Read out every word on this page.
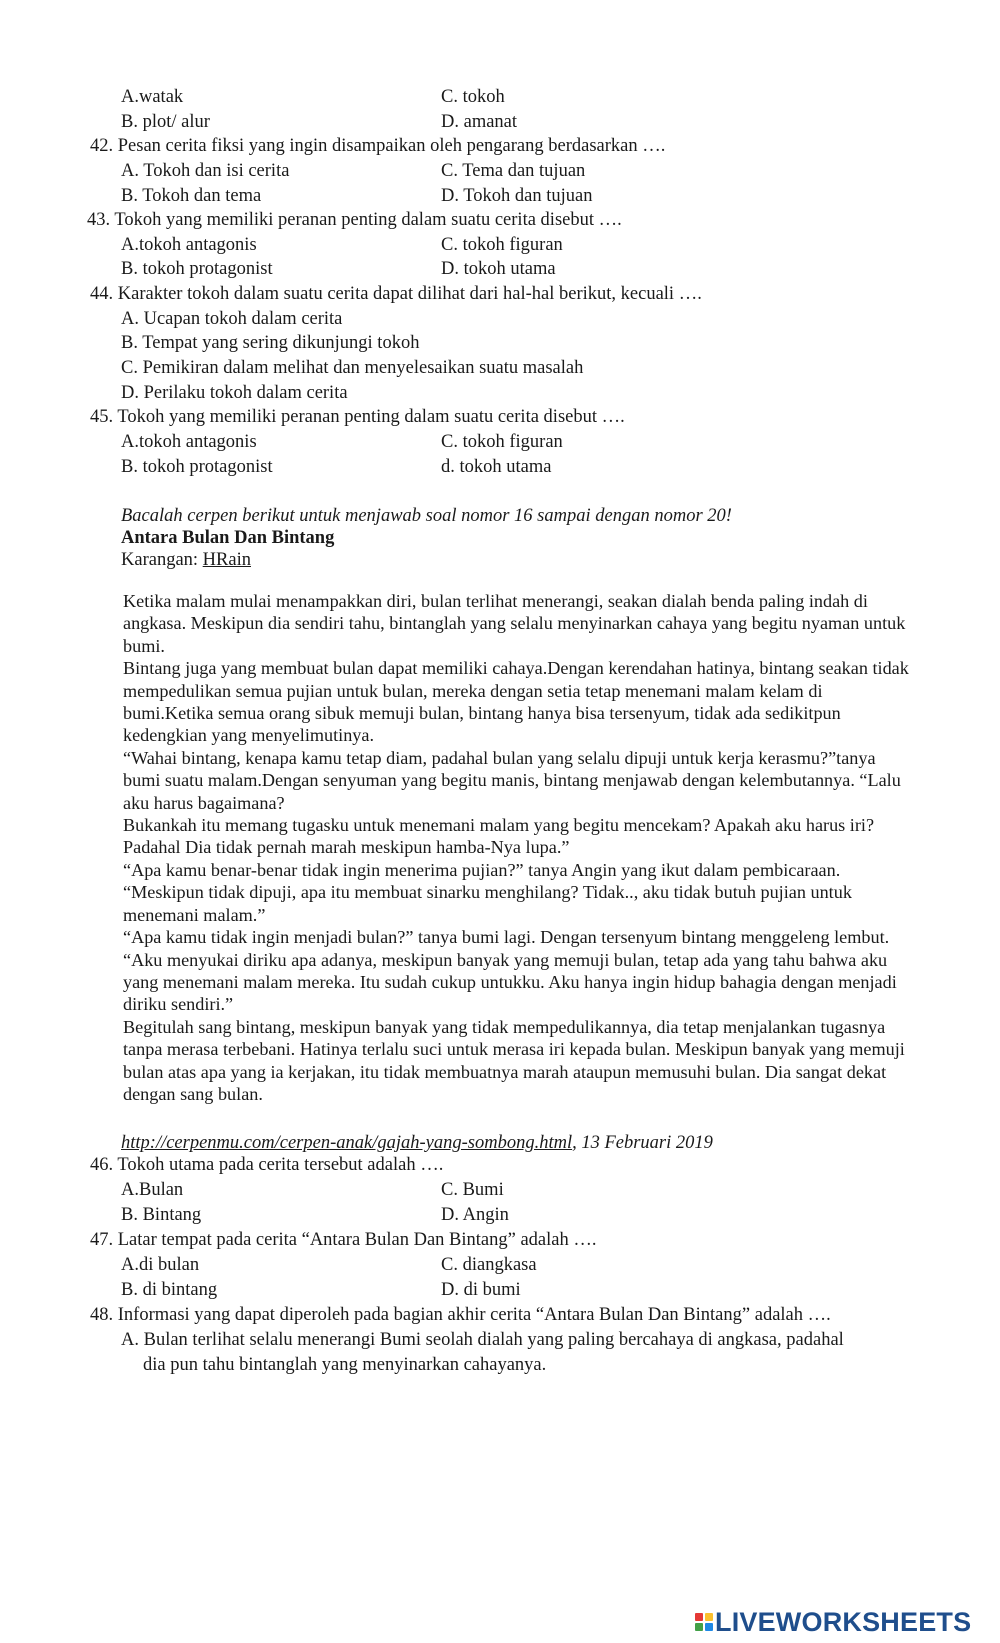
A.watak	C. tokoh
B. plot/ alur	D. amanat
42. Pesan cerita fiksi yang ingin disampaikan oleh pengarang berdasarkan ….
A. Tokoh dan isi cerita	C. Tema dan tujuan
B. Tokoh dan tema	D. Tokoh dan tujuan
43. Tokoh yang memiliki peranan penting dalam suatu cerita disebut ….
A.tokoh antagonis	C. tokoh figuran
B. tokoh protagonist	D. tokoh utama
44. Karakter tokoh dalam suatu cerita dapat dilihat dari hal-hal berikut, kecuali ….
A. Ucapan tokoh dalam cerita
B. Tempat yang sering dikunjungi tokoh
C. Pemikiran dalam melihat dan menyelesaikan suatu masalah
D. Perilaku tokoh dalam cerita
45. Tokoh yang memiliki peranan penting dalam suatu cerita disebut ….
A.tokoh antagonis	C. tokoh figuran
B. tokoh protagonist	d. tokoh utama
Bacalah cerpen berikut untuk menjawab soal nomor 16 sampai dengan nomor 20!
Antara Bulan Dan Bintang
Karangan: HRain

Ketika malam mulai menampakkan diri, bulan terlihat menerangi, seakan dialah benda paling indah di angkasa. Meskipun dia sendiri tahu, bintanglah yang selalu menyinarkan cahaya yang begitu nyaman untuk bumi.

Bintang juga yang membuat bulan dapat memiliki cahaya.Dengan kerendahan hatinya, bintang seakan tidak mempedulikan semua pujian untuk bulan, mereka dengan setia tetap menemani malam kelam di bumi.Ketika semua orang sibuk memuji bulan, bintang hanya bisa tersenyum, tidak ada sedikitpun kedengkian yang menyelimutinya.

“Wahai bintang, kenapa kamu tetap diam, padahal bulan yang selalu dipuji untuk kerja kerasmu?”tanya bumi suatu malam.Dengan senyuman yang begitu manis, bintang menjawab dengan kelembutannya. “Lalu aku harus bagaimana?

Bukankah itu memang tugasku untuk menemani malam yang begitu mencekam? Apakah aku harus iri? Padahal Dia tidak pernah marah meskipun hamba-Nya lupa.”

“Apa kamu benar-benar tidak ingin menerima pujian?” tanya Angin yang ikut dalam pembicaraan.

“Meskipun tidak dipuji, apa itu membuat sinarku menghilang? Tidak.., aku tidak butuh pujian untuk menemani malam.”

“Apa kamu tidak ingin menjadi bulan?” tanya bumi lagi. Dengan tersenyum bintang menggeleng lembut.

“Aku menyukai diriku apa adanya, meskipun banyak yang memuji bulan, tetap ada yang tahu bahwa aku yang menemani malam mereka. Itu sudah cukup untukku. Aku hanya ingin hidup bahagia dengan menjadi diriku sendiri.”

Begitulah sang bintang, meskipun banyak yang tidak mempedulikannya, dia tetap menjalankan tugasnya tanpa merasa terbebani. Hatinya terlalu suci untuk merasa iri kepada bulan. Meskipun banyak yang memuji bulan atas apa yang ia kerjakan, itu tidak membuatnya marah ataupun memusuhi bulan. Dia sangat dekat dengan sang bulan.

http://cerpenmu.com/cerpen-anak/gajah-yang-sombong.html, 13 Februari 2019
46. Tokoh utama pada cerita tersebut adalah ….
A.Bulan	C. Bumi
B. Bintang	D. Angin
47. Latar tempat pada cerita “Antara Bulan Dan Bintang” adalah ….
A.di bulan	C. diangkasa
B. di bintang	D. di bumi
48. Informasi yang dapat diperoleh pada bagian akhir cerita “Antara Bulan Dan Bintang” adalah ….
A. Bulan terlihat selalu menerangi Bumi seolah dialah yang paling bercahaya di angkasa, padahal
dia pun tahu bintanglah yang menyinarkan cahayanya.
LIVEWORKSHEETS
